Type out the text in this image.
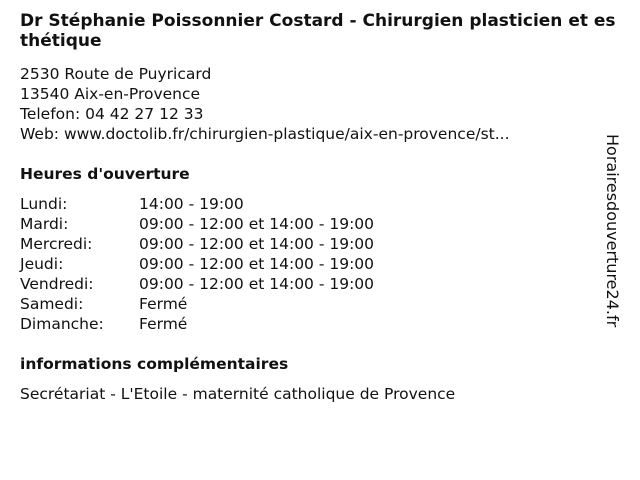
Dr Stéphanie Poissonnier Costard - Chirurgien plasticien et esthétique
2530 Route de Puyricard
13540 Aix-en-Provence
Telefon: 04 42 27 12 33
Web: www.doctolib.fr/chirurgien-plastique/aix-en-provence/st...
Heures d'ouverture
Lundi:	14:00 - 19:00
Mardi:	09:00 - 12:00 et 14:00 - 19:00
Mercredi:	09:00 - 12:00 et 14:00 - 19:00
Jeudi:	09:00 - 12:00 et 14:00 - 19:00
Vendredi:	09:00 - 12:00 et 14:00 - 19:00
Samedi:	Fermé
Dimanche: Fermé
informations complémentaires
Secrétariat - L'Etoile - maternité catholique de Provence
Horairesdouverture24.fr
